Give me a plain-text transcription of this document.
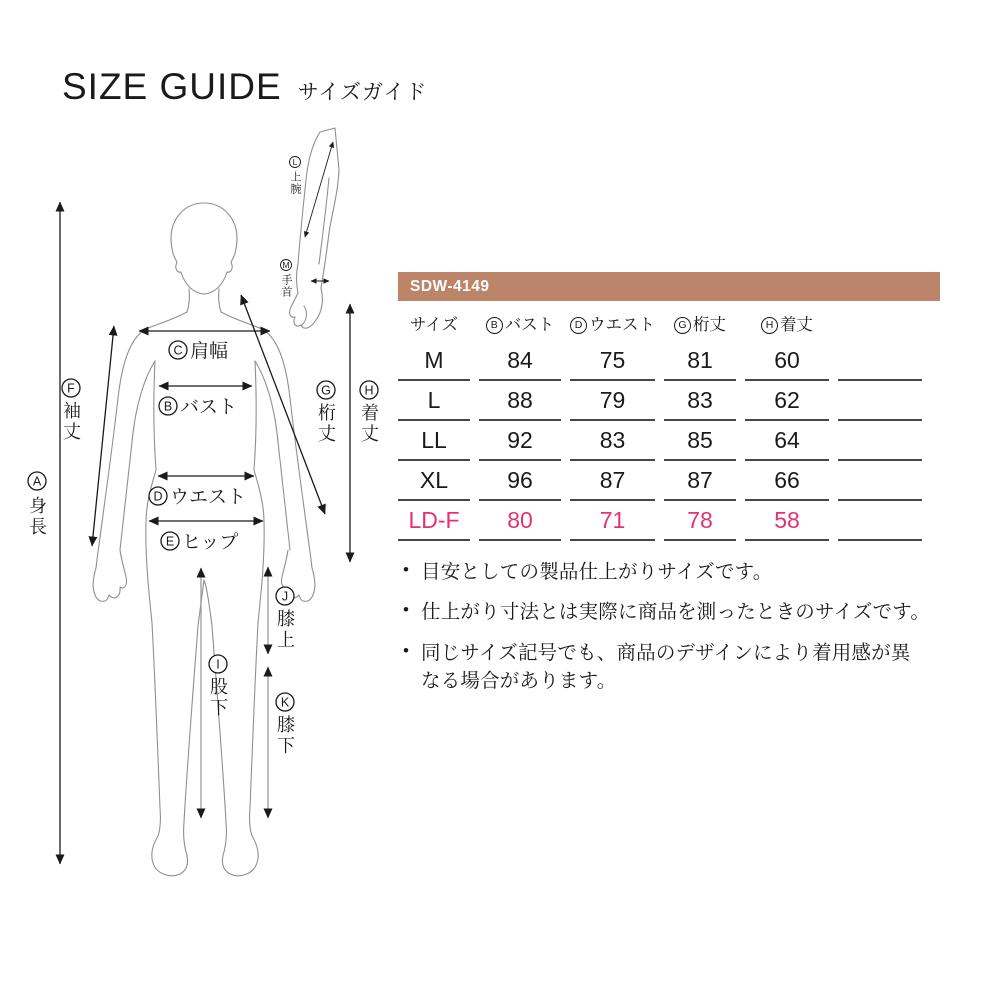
SIZE GUIDE サイズガイド
A
身長
F
袖丈
C 肩幅
B バスト
D ウエスト
E ヒップ
G
桁丈
H
着丈
I
股下
J
膝上
K
膝下
L
上腕
M
手首	SDW-4149
サイズ	B バスト	D ウエスト	G 桁丈	H 着丈	
M	84	75	81	60	
L	88	79	83	62	
LL	92	83	85	64	
XL	96	87	87	66	
LD-F	80	71	78	58	
• 目安としての製品仕上がりサイズです。
• 仕上がり寸法とは実際に商品を測ったときのサイズです。
• 同じサイズ記号でも、商品のデザインにより着用感が異なる場合があります。
